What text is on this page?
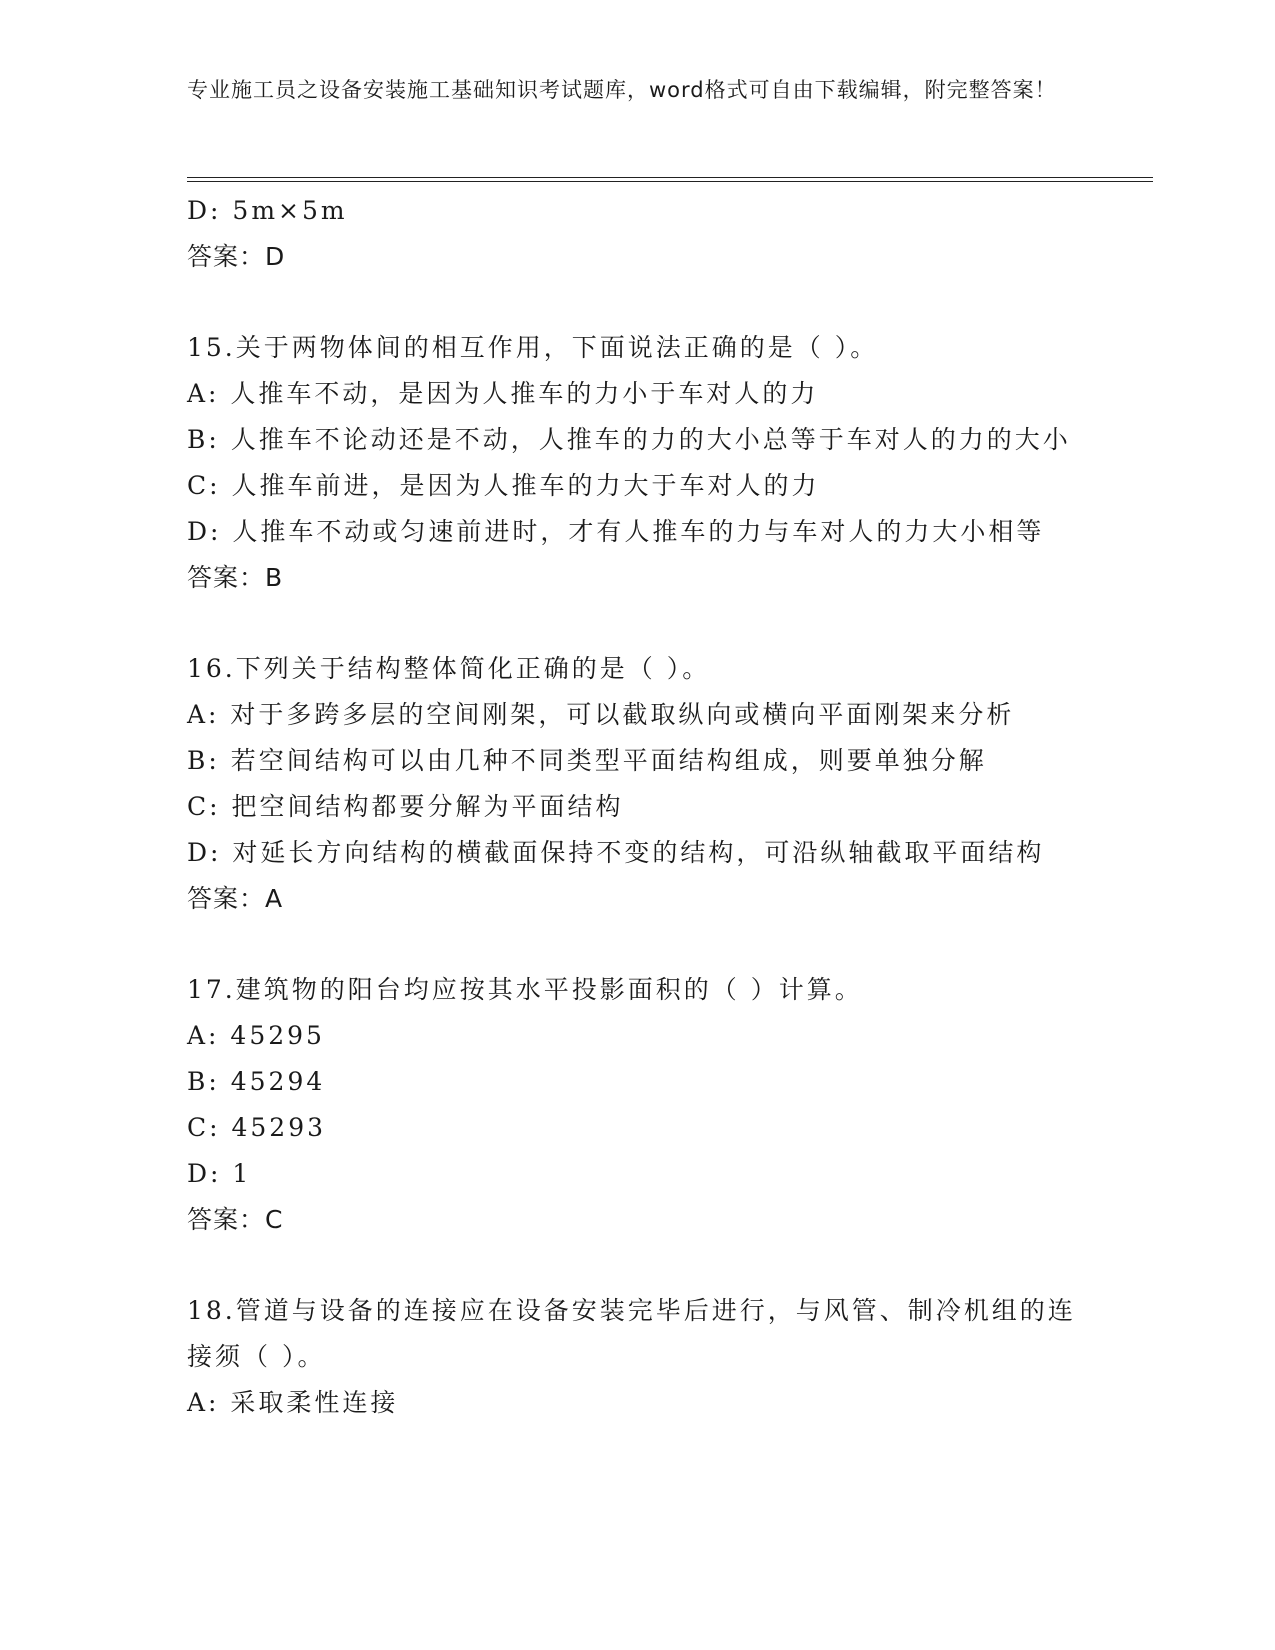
专业施工员之设备安装施工基础知识考试题库，word格式可自由下载编辑，附完整答案！
D: 5m×5m
答案：D
15.关于两物体间的相互作用，下面说法正确的是（ ）。
A: 人推车不动，是因为人推车的力小于车对人的力
B: 人推车不论动还是不动，人推车的力的大小总等于车对人的力的大小
C: 人推车前进，是因为人推车的力大于车对人的力
D: 人推车不动或匀速前进时，才有人推车的力与车对人的力大小相等
答案：B
16.下列关于结构整体简化正确的是（ ）。
A: 对于多跨多层的空间刚架，可以截取纵向或横向平面刚架来分析
B: 若空间结构可以由几种不同类型平面结构组成，则要单独分解
C: 把空间结构都要分解为平面结构
D: 对延长方向结构的横截面保持不变的结构，可沿纵轴截取平面结构
答案：A
17.建筑物的阳台均应按其水平投影面积的（ ）计算。
A: 45295
B: 45294
C: 45293
D: 1
答案：C
18.管道与设备的连接应在设备安装完毕后进行，与风管、制冷机组的连接须（ ）。
A: 采取柔性连接
